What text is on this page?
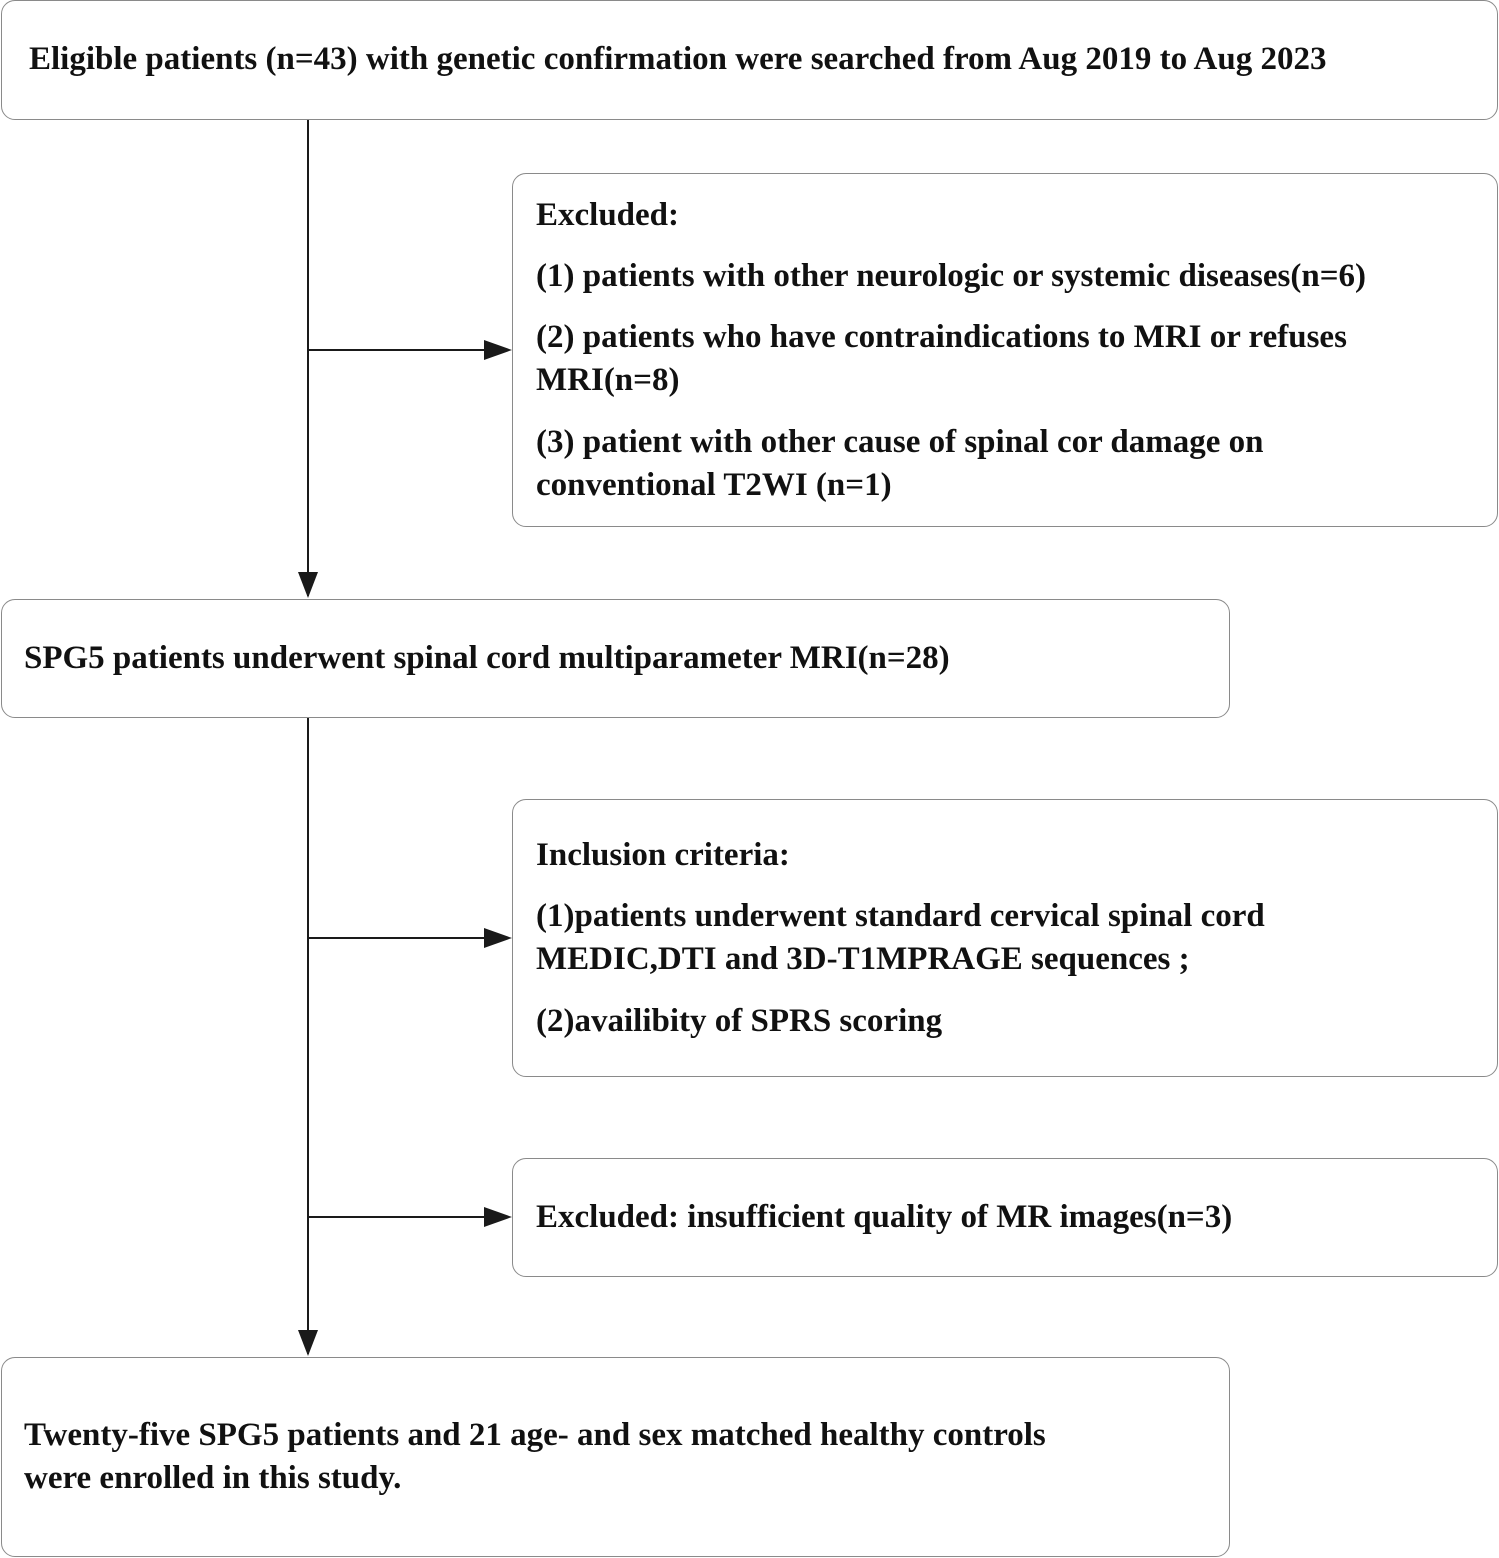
Eligible patients (n=43) with genetic confirmation were searched from Aug 2019 to Aug 2023
Excluded:
(1) patients with other neurologic or systemic diseases(n=6)
(2) patients who have contraindications to MRI or refuses
MRI(n=8)
(3) patient with other cause of spinal cor damage on
conventional T2WI (n=1)
SPG5 patients underwent spinal cord multiparameter MRI(n=28)
Inclusion criteria:
(1)patients underwent standard cervical spinal cord
MEDIC,DTI and 3D-T1MPRAGE sequences ;
(2)availibity of SPRS scoring
Excluded: insufficient quality of MR images(n=3)
Twenty-five SPG5 patients and 21 age- and sex matched healthy controls
were enrolled in this study.
